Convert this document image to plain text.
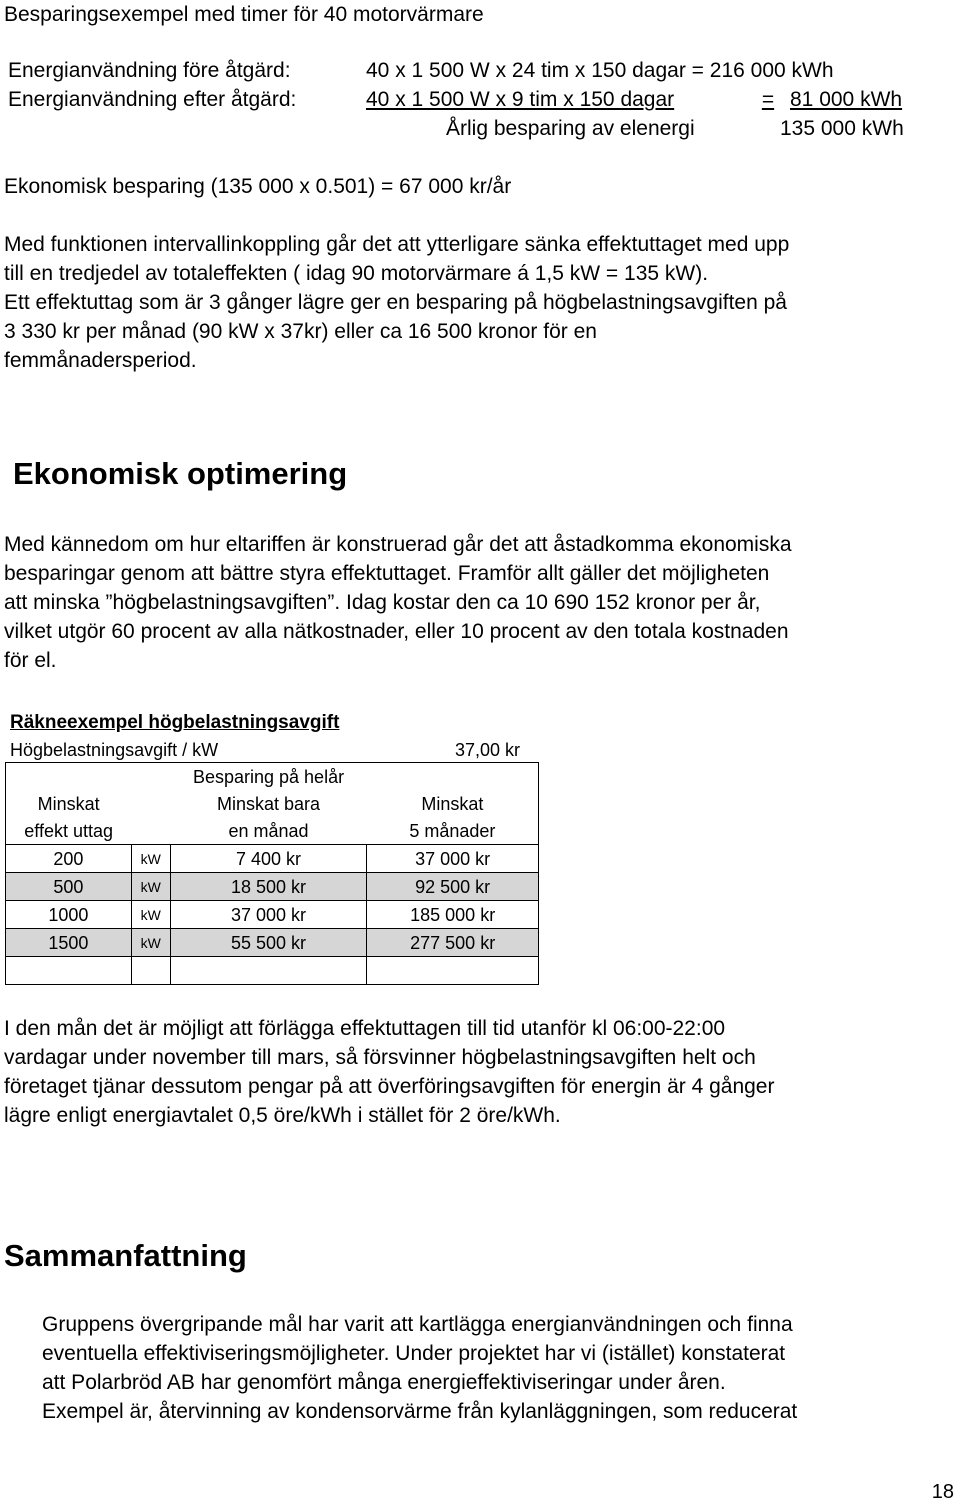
Besparingsexempel med timer för 40 motorvärmare
Energianvändning före åtgärd:	40 x 1 500 W x 24 tim x 150 dagar = 216 000 kWh
Energianvändning efter åtgärd:	40 x 1 500 W x 9 tim x 150 dagar	= 81 000 kWh
Årlig besparing av elenergi	135 000 kWh
Ekonomisk besparing (135 000 x 0.501) = 67 000 kr/år
Med funktionen intervallinkoppling går det att ytterligare sänka effektuttaget med upp
till en tredjedel av totaleffekten ( idag 90 motorvärmare á 1,5 kW = 135 kW).
Ett effektuttag som är 3 gånger lägre ger en besparing på högbelastningsavgiften på
3 330 kr per månad (90 kW x 37kr) eller ca 16 500 kronor för en
femmånadersperiod.
Ekonomisk optimering
Med kännedom om hur eltariffen är konstruerad går det att åstadkomma ekonomiska
besparingar genom att bättre styra effektuttaget. Framför allt gäller det möjligheten
att minska ”högbelastningsavgiften”. Idag kostar den ca 10 690 152 kronor per år,
vilket utgör 60 procent av alla nätkostnader, eller 10 procent av den totala kostnaden
för el.
Räkneexempel högbelastningsavgift
Högbelastningsavgift / kW	37,00 kr
		Besparing på helår	
Minskat		Minskat bara	Minskat
effekt uttag		en månad	5 månader
200	kW	7 400 kr	37 000 kr
500	kW	18 500 kr	92 500 kr
1000	kW	37 000 kr	185 000 kr
1500	kW	55 500 kr	277 500 kr

I den mån det är möjligt att förlägga effektuttagen till tid utanför kl 06:00-22:00
vardagar under november till mars, så försvinner högbelastningsavgiften helt och
företaget tjänar dessutom pengar på att överföringsavgiften för energin är 4 gånger
lägre enligt energiavtalet 0,5 öre/kWh i stället för 2 öre/kWh.
Sammanfattning
Gruppens övergripande mål har varit att kartlägga energianvändningen och finna
eventuella effektiviseringsmöjligheter. Under projektet har vi (istället) konstaterat
att Polarbröd AB har genomfört många energieffektiviseringar under åren.
Exempel är, återvinning av kondensorvärme från kylanläggningen, som reducerat
18
